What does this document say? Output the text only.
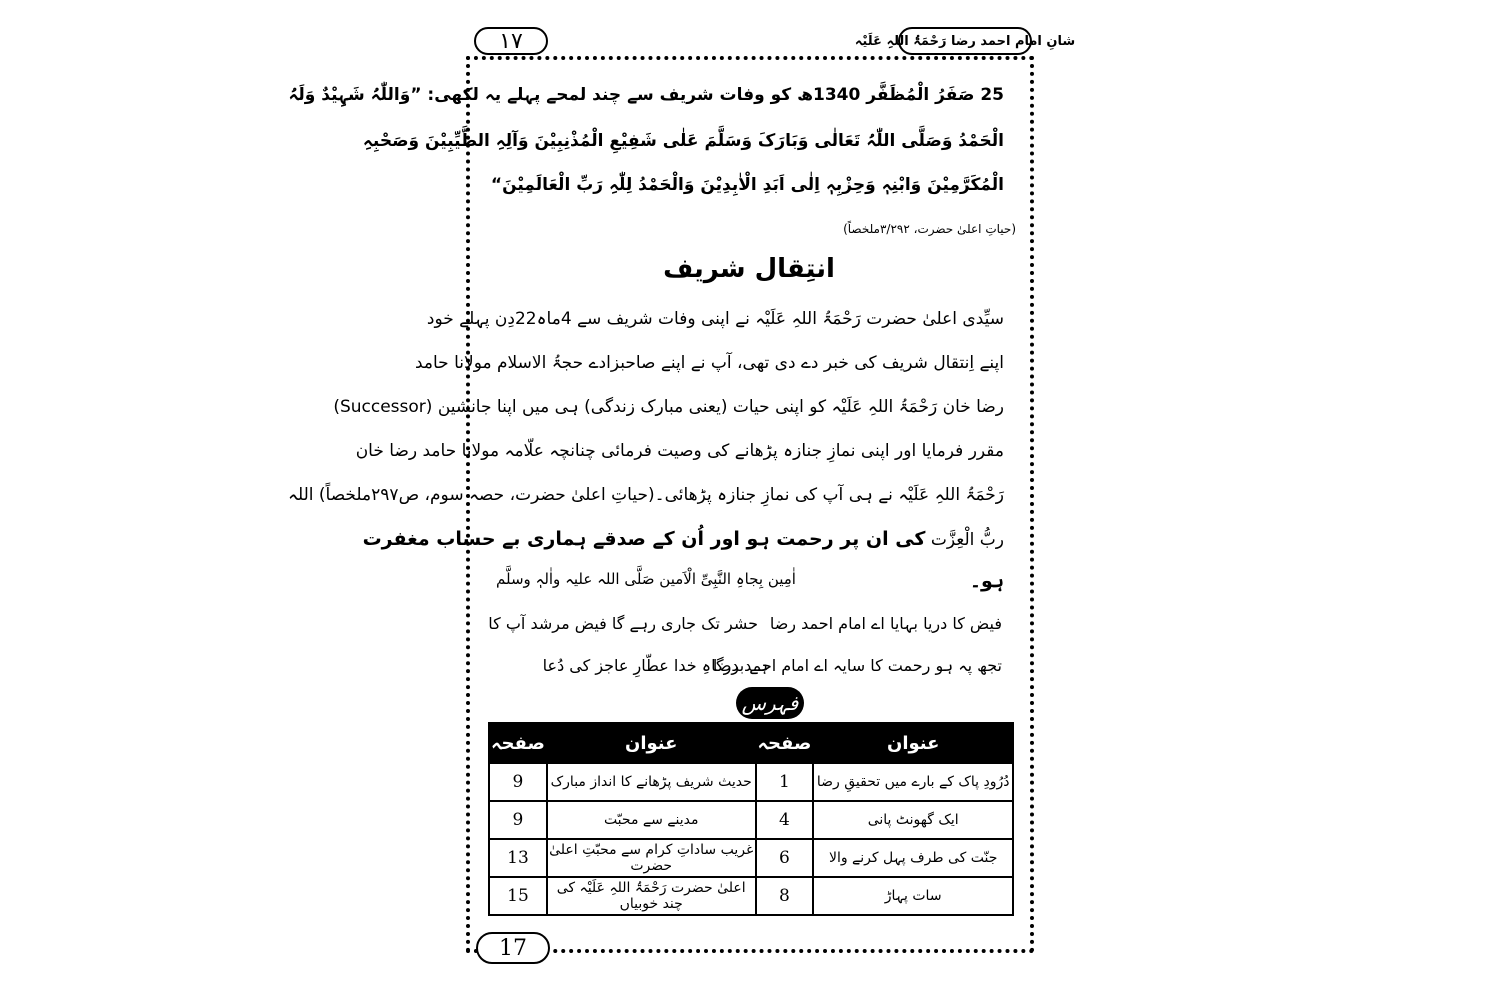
۱۷	شانِ امام احمد رضا رَحْمَۃُ اللہِ عَلَیْہ
25 صَفَرُ الْمُظَفَّر 1340ھ کو وفات شریف سے چند لمحے پہلے یہ لکھی: ”وَاللّٰہُ شَہِیْدٌ وَلَہُ
الْحَمْدُ وَصَلَّی اللّٰہُ تَعَالٰی وَبَارَکَ وَسَلَّمَ عَلٰی شَفِیْعِ الْمُذْنِبِیْنَ وَآلِہِ الطَّیِّبِیْنَ وَصَحْبِہِ
الْمُکَرَّمِیْنَ وَابْنِہٖ وَحِزْبِہٖ اِلٰی اَبَدِ الْاٰبِدِیْنَ وَالْحَمْدُ لِلّٰہِ رَبِّ الْعَالَمِیْنَ“
(حیاتِ اعلیٰ حضرت، ۳/۲۹۲ملخصاً)
انتِقال شریف
سیِّدی اعلیٰ حضرت رَحْمَۃُ اللہِ عَلَیْہ نے اپنی وفات شریف سے 4ماہ22دِن پہلے خود
اپنے اِنتقال شریف کی خبر دے دی تھی، آپ نے اپنے صاحبزادے حجۃُ الاسلام مولانا حامد
رضا خان رَحْمَۃُ اللہِ عَلَیْہ کو اپنی حیات (یعنی مبارک زندگی) ہی میں اپنا جانشین (Successor)
مقرر فرمایا اور اپنی نمازِ جنازہ پڑھانے کی وصیت فرمائی چنانچہ علّامہ مولانا حامد رضا خان
رَحْمَۃُ اللہِ عَلَیْہ نے ہی آپ کی نمازِ جنازہ پڑھائی۔(حیاتِ اعلیٰ حضرت، حصہ سوم، ص۲۹۷ملخصاً) اللہ
ربُّ الْعِزَّت کی ان پر رحمت ہو اور اُن کے صدقے ہماری بے حساب مغفرت
ہو۔
اٰمِین بِجاہِ النَّبِیِّ الْاَمین صَلَّی اللہ علیہ واٰلہٖ وسلَّم
حشر تک جاری رہے گا فیض مرشد آپ کا فیض کا دریا بہایا اے امام احمد رضا
ہے بدرگاہِ خدا عطّارِ عاجز کی دُعا
تجھ پہ ہو رحمت کا سایہ اے امام احمد رضا
فہرس
عنوان	صفحہ	عنوان	صفحہ
دُرُودِ پاک کے بارے میں تحقیقِ رضا	1	حدیث شریف پڑھانے کا انداز مبارک	9
ایک گھونٹ پانی	4	مدینے سے محبّت	9
جنّت کی طرف پہل کرنے والا	6	غریب ساداتِ کرام سے محبّتِ اعلیٰ حضرت	13
سات پہاڑ	8	اعلیٰ حضرت رَحْمَۃُ اللہِ عَلَیْہ کی چند خوبیاں	15
17
